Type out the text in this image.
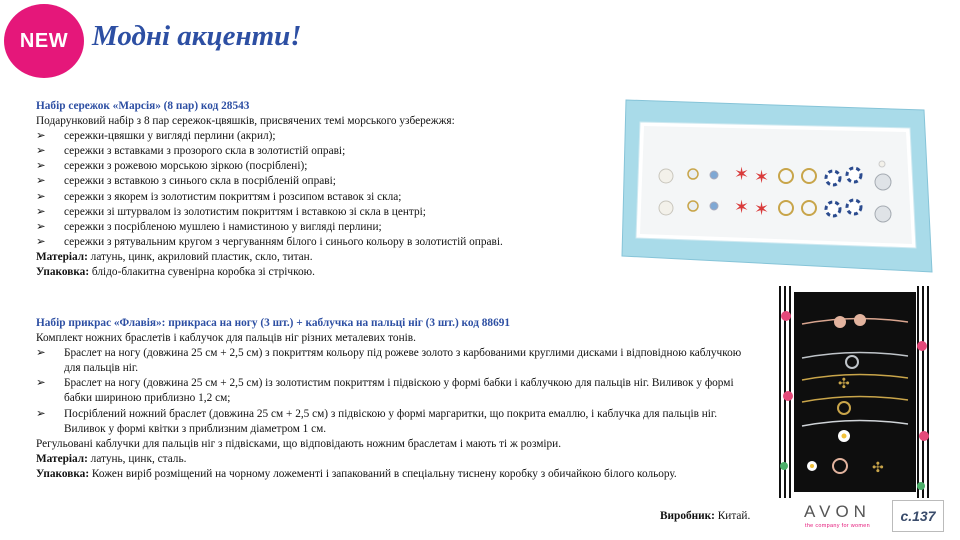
NEW Модні акценти!
Набір сережок «Марсія» (8 пар) код 28543
Подарунковий набір з 8 пар сережок-цвяшків, присвячених темі морського узбережжя:
➢ сережки-цвяшки у вигляді перлини (акрил);
➢ сережки з вставками з прозорого скла в золотистій оправі;
➢ сережки з рожевою морською зіркою (посріблені);
➢ сережки з вставкою з синього скла в посрібленій оправі;
➢ сережки з якорем із золотистим покриттям і розсипом вставок зі скла;
➢ сережки зі штурвалом із золотистим покриттям і вставкою зі скла в центрі;
➢ сережки з посрібленою мушлею і намистиною у вигляді перлини;
➢ сережки з рятувальним кругом з чергуванням білого і синього кольору в золотистій оправі.
Матеріал: латунь, цинк, акриловий пластик, скло, титан.
Упаковка: блідо-блакитна сувенірна коробка зі стрічкою.
✶ ✶
✶ ✶
Набір прикрас «Флавія»: прикраса на ногу (3 шт.) + каблучка на пальці ніг (3 шт.) код 88691
Комплект ножних браслетів і каблучок для пальців ніг різних металевих тонів.
➢ Браслет на ногу (довжина 25 см + 2,5 см) з покриттям кольору під рожеве золото з карбованими круглими дисками і відповідною каблучкою для пальців ніг.
➢ Браслет на ногу (довжина 25 см + 2,5 см) із золотистим покриттям і підвіскою у формі бабки і каблучкою для пальців ніг. Виливок у формі бабки шириною приблизно 1,2 см;
➢ Посріблений ножний браслет (довжина 25 см + 2,5 см) з підвіскою у формі маргаритки, що покрита емаллю, і каблучка для пальців ніг. Виливок у формі квітки з приблизним діаметром 1 см.
Регульовані каблучки для пальців ніг з підвісками, що відповідають ножним браслетам і мають ті ж розміри.
Матеріал: латунь, цинк, сталь.
Упаковка: Кожен виріб розміщений на чорному ложементі і запакований в спеціальну тиснену коробку з обичайкою білого кольору.
✣
✣
Виробник: Китай.	AVON
the company for women
с.137
